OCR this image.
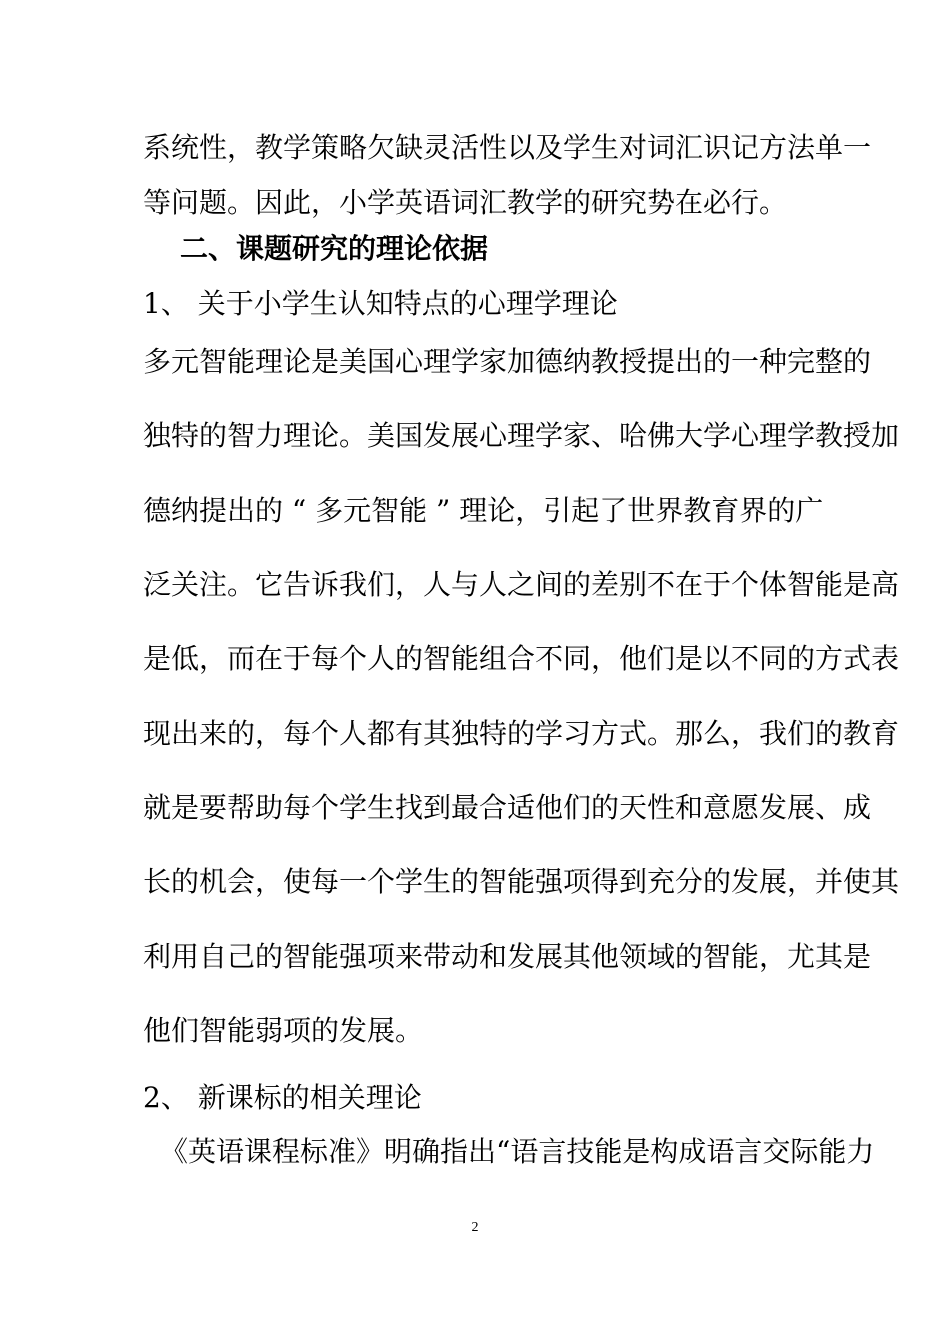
系统性，教学策略欠缺灵活性以及学生对词汇识记方法单一
等问题。因此，小学英语词汇教学的研究势在必行。
二、课题研究的理论依据
1、 关于小学生认知特点的心理学理论
多元智能理论是美国心理学家加德纳教授提出的一种完整的
独特的智力理论。美国发展心理学家、哈佛大学心理学教授加
德纳提出的 “ 多元智能 ” 理论，引起了世界教育界的广
泛关注。它告诉我们，人与人之间的差别不在于个体智能是高
是低，而在于每个人的智能组合不同，他们是以不同的方式表
现出来的，每个人都有其独特的学习方式。那么，我们的教育
就是要帮助每个学生找到最合适他们的天性和意愿发展、成
长的机会，使每一个学生的智能强项得到充分的发展，并使其
利用自己的智能强项来带动和发展其他领域的智能，尤其是
他们智能弱项的发展。
2、 新课标的相关理论
《英语课程标准》明确指出“语言技能是构成语言交际能力
2
